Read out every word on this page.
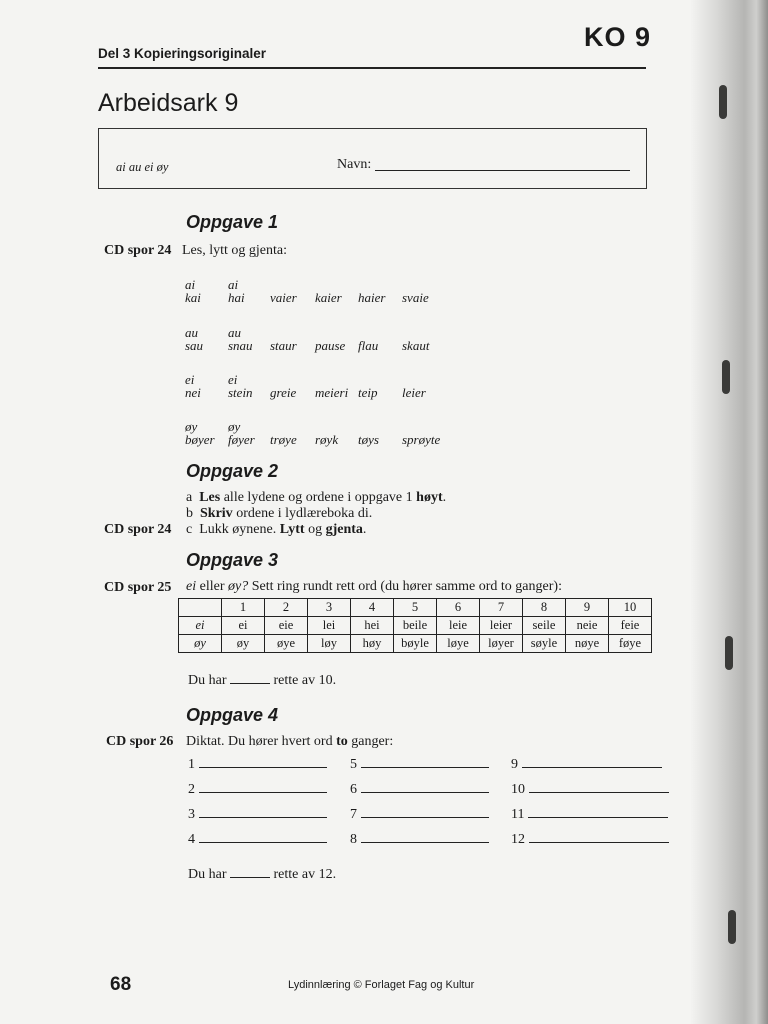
Del 3 Kopieringsoriginaler
KO 9
Arbeidsark 9
ai au ei øy	Navn:
Oppgave 1
CD spor 24 Les, lytt og gjenta:
ai	ai
kai hai vaier kaier haier svaie
au au
sau snau staur pause flau skaut
ei	ei
nei stein greie meieri teip leier
øy øy
bøyer føyer trøye røyk tøys sprøyte
Oppgave 2
a Les alle lydene og ordene i oppgave 1 høyt.
b Skriv ordene i lydlæreboka di.
CD spor 24 c Lukk øynene. Lytt og gjenta.
Oppgave 3
CD spor 25 ei eller øy? Sett ring rundt rett ord (du hører samme ord to ganger):
	1	2	3	4	5	6	7	8	9	10
ei	ei	eie	lei	hei	beile	leie	leier	seile	neie	feie
øy	øy	øye	løy	høy	bøyle	løye	løyer	søyle	nøye	føye
Du har	rette av 10.
Oppgave 4
CD spor 26 Diktat. Du hører hvert ord to ganger:
1
2
3
4
5
6
7
8
9
10
11
12
Du har	rette av 12.
68	Lydinnlæring © Forlaget Fag og Kultur
